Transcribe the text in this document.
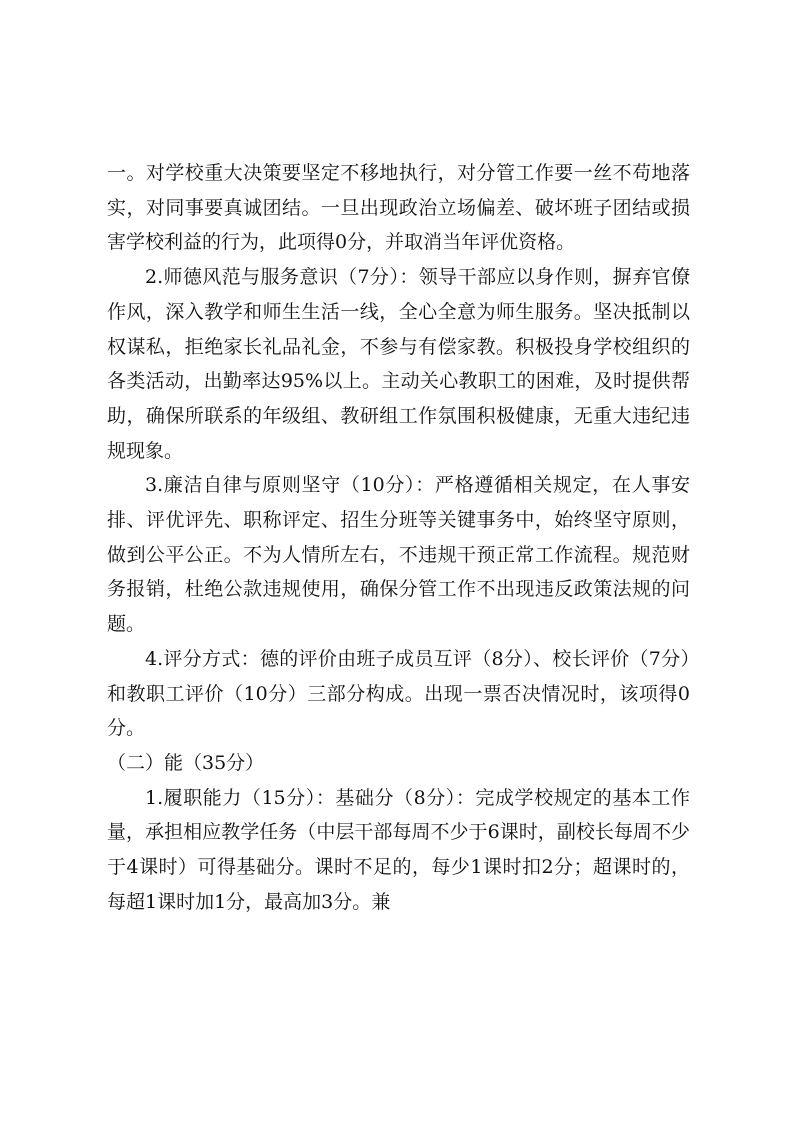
一。对学校重大决策要坚定不移地执行，对分管工作要一丝不苟地落实，对同事要真诚团结。一旦出现政治立场偏差、破坏班子团结或损害学校利益的行为，此项得0分，并取消当年评优资格。

2.师德风范与服务意识（7分）：领导干部应以身作则，摒弃官僚作风，深入教学和师生生活一线，全心全意为师生服务。坚决抵制以权谋私，拒绝家长礼品礼金，不参与有偿家教。积极投身学校组织的各类活动，出勤率达95%以上。主动关心教职工的困难，及时提供帮助，确保所联系的年级组、教研组工作氛围积极健康，无重大违纪违规现象。

3.廉洁自律与原则坚守（10分）：严格遵循相关规定，在人事安排、评优评先、职称评定、招生分班等关键事务中，始终坚守原则，做到公平公正。不为人情所左右，不违规干预正常工作流程。规范财务报销，杜绝公款违规使用，确保分管工作不出现违反政策法规的问题。

4.评分方式：德的评价由班子成员互评（8分）、校长评价（7分）和教职工评价（10分）三部分构成。出现一票否决情况时，该项得0分。

（二）能（35分）

1.履职能力（15分）：基础分（8分）：完成学校规定的基本工作量，承担相应教学任务（中层干部每周不少于6课时，副校长每周不少于4课时）可得基础分。课时不足的，每少1课时扣2分；超课时的，每超1课时加1分，最高加3分。兼
